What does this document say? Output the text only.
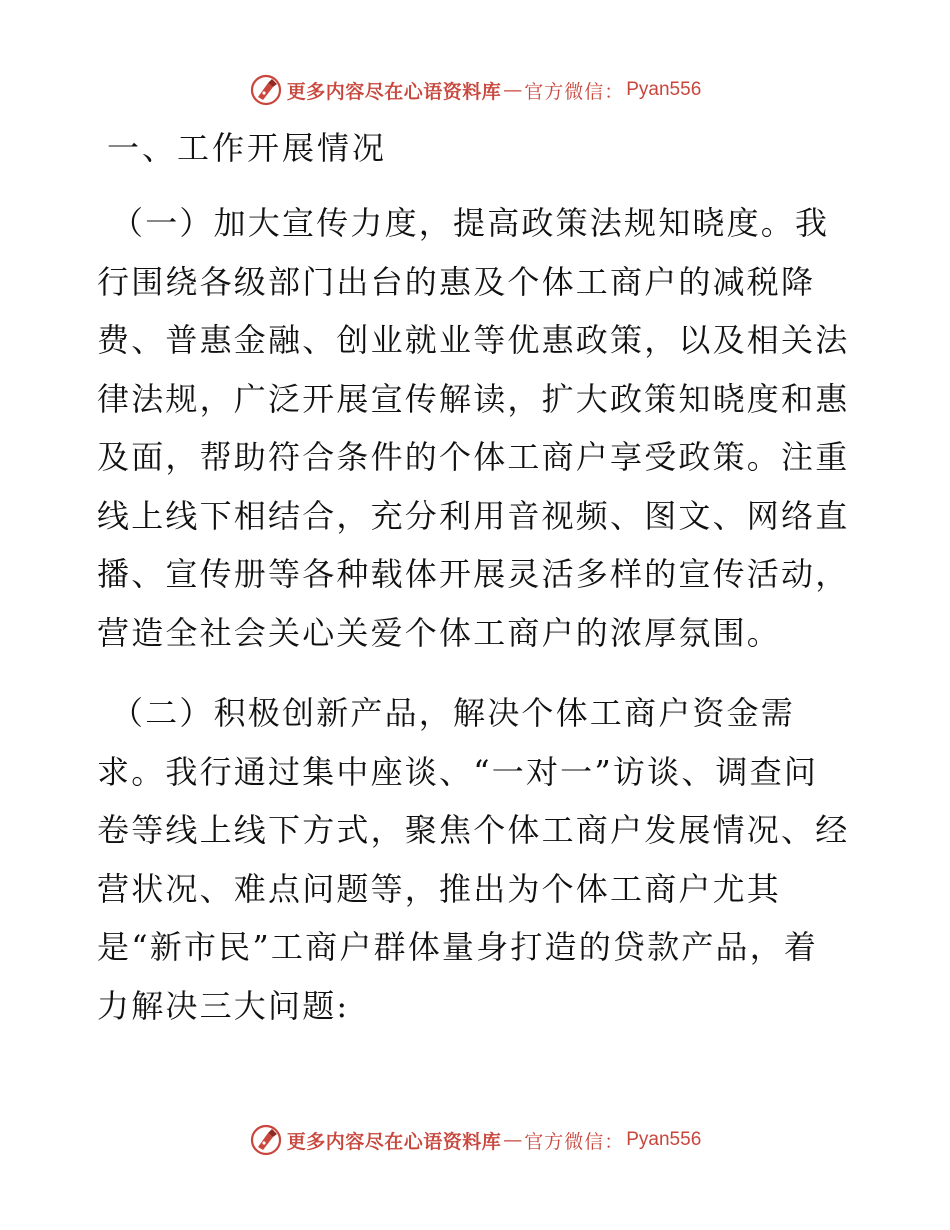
更多内容尽在心语资料库 — 官方微信： Pyan556
一、工作开展情况
（一）加大宣传力度，提高政策法规知晓度。我
行围绕各级部门出台的惠及个体工商户的减税降
费、普惠金融、创业就业等优惠政策，以及相关法
律法规，广泛开展宣传解读，扩大政策知晓度和惠
及面，帮助符合条件的个体工商户享受政策。注重
线上线下相结合，充分利用音视频、图文、网络直
播、宣传册等各种载体开展灵活多样的宣传活动，
营造全社会关心关爱个体工商户的浓厚氛围。
（二）积极创新产品，解决个体工商户资金需
求。我行通过集中座谈、“一对一”访谈、调查问
卷等线上线下方式，聚焦个体工商户发展情况、经
营状况、难点问题等，推出为个体工商户尤其
是“新市民”工商户群体量身打造的贷款产品，着
力解决三大问题:
更多内容尽在心语资料库 — 官方微信： Pyan556
